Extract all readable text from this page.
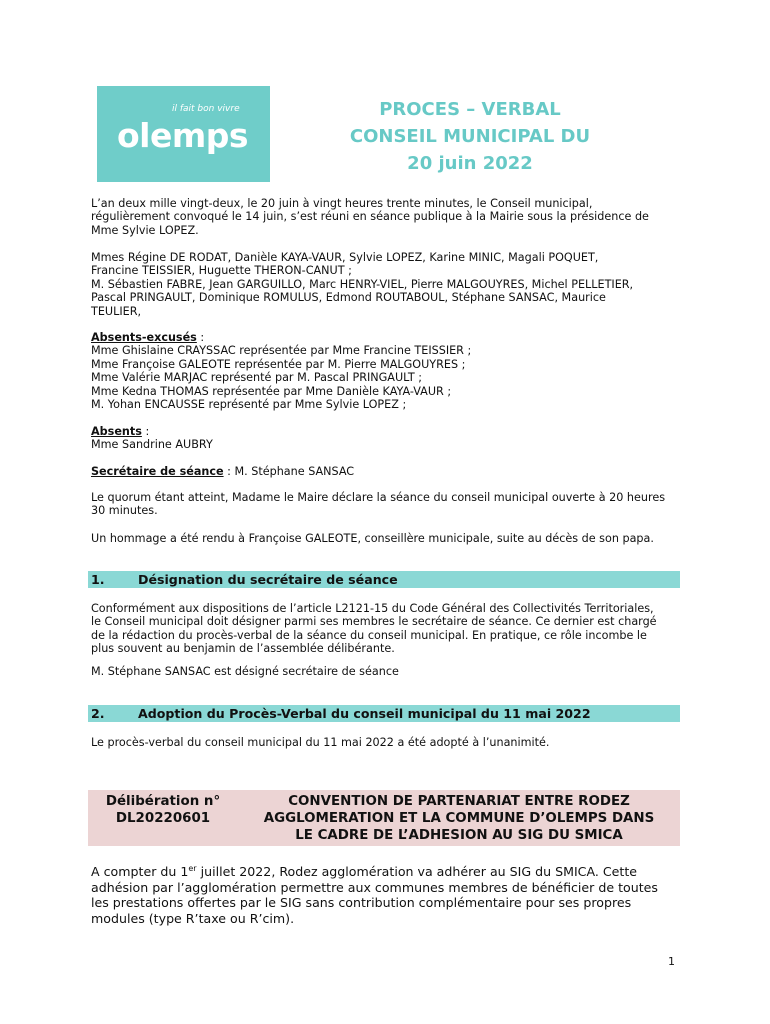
il fait bon vivre
olemps
PROCES – VERBAL
CONSEIL MUNICIPAL DU
20 juin 2022

L’an deux mille vingt-deux, le 20 juin à vingt heures trente minutes, le Conseil municipal,

régulièrement convoqué le 14 juin, s’est réuni en séance publique à la Mairie sous la présidence de

Mme Sylvie LOPEZ.

Mmes Régine DE RODAT, Danièle KAYA-VAUR, Sylvie LOPEZ, Karine MINIC, Magali POQUET,

Francine TEISSIER, Huguette THERON-CANUT ;

M. Sébastien FABRE, Jean GARGUILLO, Marc HENRY-VIEL, Pierre MALGOUYRES, Michel PELLETIER,

Pascal PRINGAULT, Dominique ROMULUS, Edmond ROUTABOUL, Stéphane SANSAC, Maurice

TEULIER,

Absents-excusés :

Mme Ghislaine CRAYSSAC représentée par Mme Francine TEISSIER ;

Mme Françoise GALEOTE représentée par M. Pierre MALGOUYRES ;

Mme Valérie MARJAC représenté par M. Pascal PRINGAULT ;

Mme Kedna THOMAS représentée par Mme Danièle KAYA-VAUR ;

M. Yohan ENCAUSSE représenté par Mme Sylvie LOPEZ ;

Absents :

Mme Sandrine AUBRY

Secrétaire de séance : M. Stéphane SANSAC

Le quorum étant atteint, Madame le Maire déclare la séance du conseil municipal ouverte à 20 heures

30 minutes.

Un hommage a été rendu à Françoise GALEOTE, conseillère municipale, suite au décès de son papa.

1.	Désignation du secrétaire de séance

Conformément aux dispositions de l’article L2121-15 du Code Général des Collectivités Territoriales,

le Conseil municipal doit désigner parmi ses membres le secrétaire de séance. Ce dernier est chargé

de la rédaction du procès-verbal de la séance du conseil municipal. En pratique, ce rôle incombe le

plus souvent au benjamin de l’assemblée délibérante.

M. Stéphane SANSAC est désigné secrétaire de séance

2.	Adoption du Procès-Verbal du conseil municipal du 11 mai 2022

Le procès-verbal du conseil municipal du 11 mai 2022 a été adopté à l’unanimité.

Délibération n°
DL20220601
CONVENTION DE PARTENARIAT ENTRE RODEZ
AGGLOMERATION ET LA COMMUNE D’OLEMPS DANS
LE CADRE DE L’ADHESION AU SIG DU SMICA
A compter du 1er juillet 2022, Rodez agglomération va adhérer au SIG du SMICA. Cette
adhésion par l’agglomération permettre aux communes membres de bénéficier de toutes
les prestations offertes par le SIG sans contribution complémentaire pour ses propres
modules (type R’taxe ou R’cim).
1
